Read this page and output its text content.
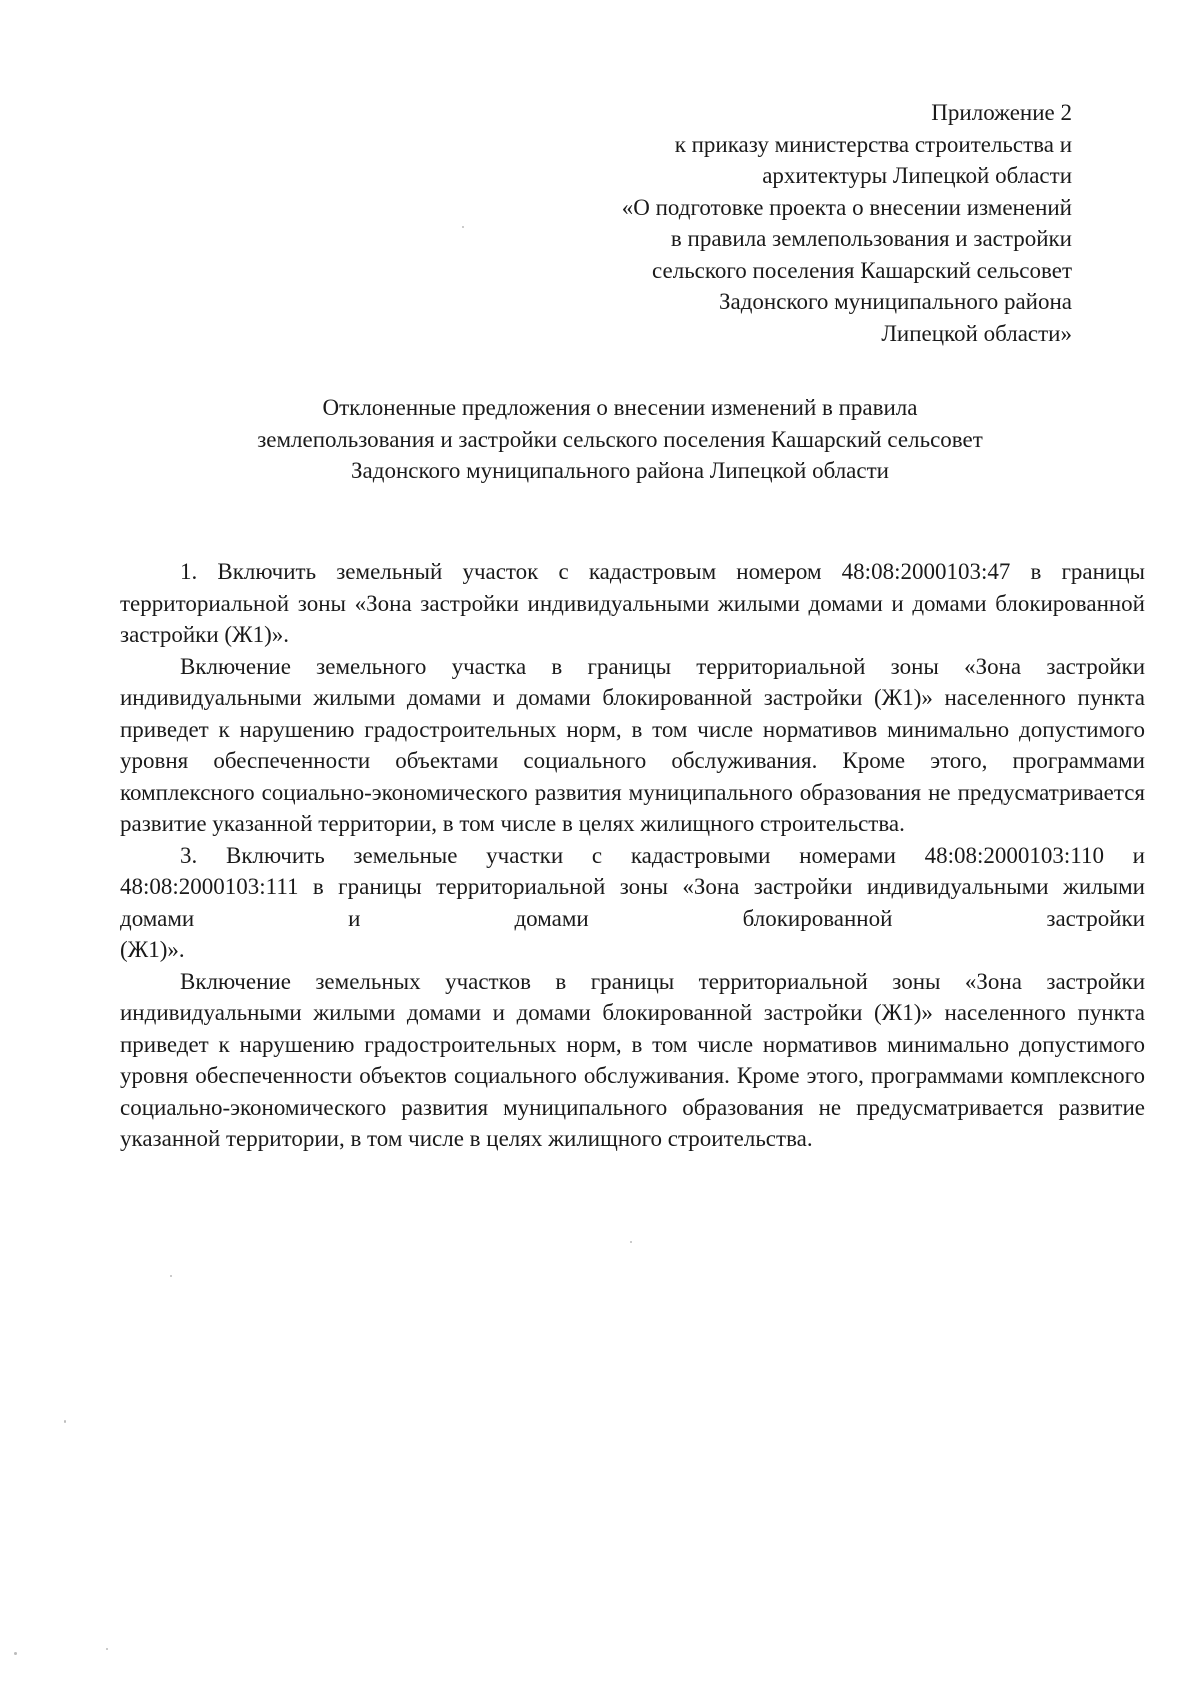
Приложение 2
к приказу министерства строительства и
архитектуры Липецкой области
«О подготовке проекта о внесении изменений
в правила землепользования и застройки
сельского поселения Кашарский сельсовет
Задонского муниципального района
Липецкой области»
Отклоненные предложения о внесении изменений в правила
землепользования и застройки сельского поселения Кашарский сельсовет
Задонского муниципального района Липецкой области

1. Включить земельный участок с кадастровым номером 48:08:2000103:47 в границы территориальной зоны «Зона застройки индивидуальными жилыми домами и домами блокированной застройки (Ж1)».

Включение земельного участка в границы территориальной зоны «Зона застройки индивидуальными жилыми домами и домами блокированной застройки (Ж1)» населенного пункта приведет к нарушению градостроительных норм, в том числе нормативов минимально допустимого уровня обеспеченности объектами социального обслуживания. Кроме этого, программами комплексного социально-экономического развития муниципального образования не предусматривается развитие указанной территории, в том числе в целях жилищного строительства.

3. Включить земельные участки с кадастровыми номерами 48:08:2000103:110 и 48:08:2000103:111 в границы территориальной зоны «Зона застройки индивидуальными жилыми домами и домами блокированной застройки

(Ж1)».

Включение земельных участков в границы территориальной зоны «Зона застройки индивидуальными жилыми домами и домами блокированной застройки (Ж1)» населенного пункта приведет к нарушению градостроительных норм, в том числе нормативов минимально допустимого уровня обеспеченности объектов социального обслуживания. Кроме этого, программами комплексного социально-экономического развития муниципального образования не предусматривается развитие указанной территории, в том числе в целях жилищного строительства.
